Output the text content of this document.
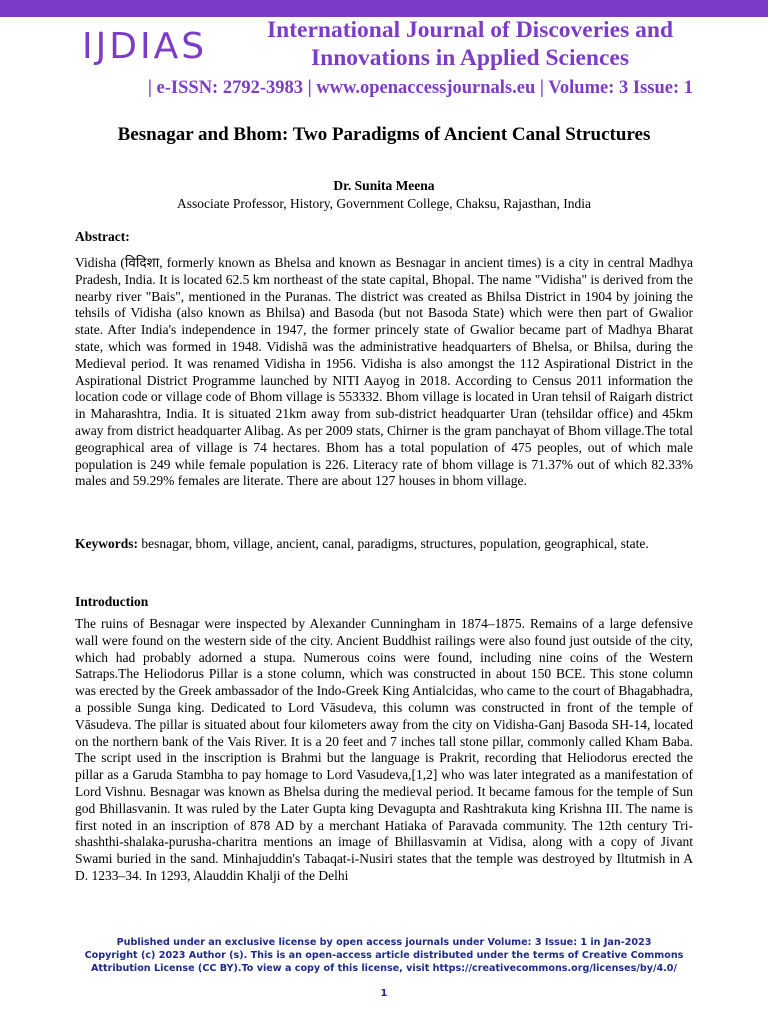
IJDIAS	International Journal of Discoveries and
Innovations in Applied Sciences
| e-ISSN: 2792-3983 | www.openaccessjournals.eu | Volume: 3 Issue: 1
Besnagar and Bhom: Two Paradigms of Ancient Canal Structures
Dr. Sunita Meena
Associate Professor, History, Government College, Chaksu, Rajasthan, India
Abstract:

Vidisha (विदिशा, formerly known as Bhelsa and known as Besnagar in ancient times) is a city in central Madhya Pradesh, India. It is located 62.5 km northeast of the state capital, Bhopal. The name "Vidisha" is derived from the nearby river "Bais", mentioned in the Puranas. The district was created as Bhilsa District in 1904 by joining the tehsils of Vidisha (also known as Bhilsa) and Basoda (but not Basoda State) which were then part of Gwalior state. After India's independence in 1947, the former princely state of Gwalior became part of Madhya Bharat state, which was formed in 1948. Vidishā was the administrative headquarters of Bhelsa, or Bhilsa, during the Medieval period. It was renamed Vidisha in 1956. Vidisha is also amongst the 112 Aspirational District in the Aspirational District Programme launched by NITI Aayog in 2018. According to Census 2011 information the location code or village code of Bhom village is 553332. Bhom village is located in Uran tehsil of Raigarh district in Maharashtra, India. It is situated 21km away from sub-district headquarter Uran (tehsildar office) and 45km away from district headquarter Alibag. As per 2009 stats, Chirner is the gram panchayat of Bhom village.The total geographical area of village is 74 hectares. Bhom has a total population of 475 peoples, out of which male population is 249 while female population is 226. Literacy rate of bhom village is 71.37% out of which 82.33% males and 59.29% females are literate. There are about 127 houses in bhom village.

Keywords: besnagar, bhom, village, ancient, canal, paradigms, structures, population, geographical, state.

Introduction

The ruins of Besnagar were inspected by Alexander Cunningham in 1874–1875. Remains of a large defensive wall were found on the western side of the city. Ancient Buddhist railings were also found just outside of the city, which had probably adorned a stupa. Numerous coins were found, including nine coins of the Western Satraps.The Heliodorus Pillar is a stone column, which was constructed in about 150 BCE. This stone column was erected by the Greek ambassador of the Indo-Greek King Antialcidas, who came to the court of Bhagabhadra, a possible Sunga king. Dedicated to Lord Vāsudeva, this column was constructed in front of the temple of Vāsudeva. The pillar is situated about four kilometers away from the city on Vidisha-Ganj Basoda SH-14, located on the northern bank of the Vais River. It is a 20 feet and 7 inches tall stone pillar, commonly called Kham Baba. The script used in the inscription is Brahmi but the language is Prakrit, recording that Heliodorus erected the pillar as a Garuda Stambha to pay homage to Lord Vasudeva,[1,2] who was later integrated as a manifestation of Lord Vishnu. Besnagar was known as Bhelsa during the medieval period. It became famous for the temple of Sun god Bhillasvanin. It was ruled by the Later Gupta king Devagupta and Rashtrakuta king Krishna III. The name is first noted in an inscription of 878 AD by a merchant Hatiaka of Paravada community. The 12th century Tri-shashthi-shalaka-purusha-charitra mentions an image of Bhillasvamin at Vidisa, along with a copy of Jivant Swami buried in the sand. Minhajuddin's Tabaqat-i-Nusiri states that the temple was destroyed by Iltutmish in A D. 1233–34. In 1293, Alauddin Khalji of the Delhi

Published under an exclusive license by open access journals under Volume: 3 Issue: 1 in Jan-2023
Copyright (c) 2023 Author (s). This is an open-access article distributed under the terms of Creative Commons
Attribution License (CC BY).To view a copy of this license, visit https://creativecommons.org/licenses/by/4.0/
1
